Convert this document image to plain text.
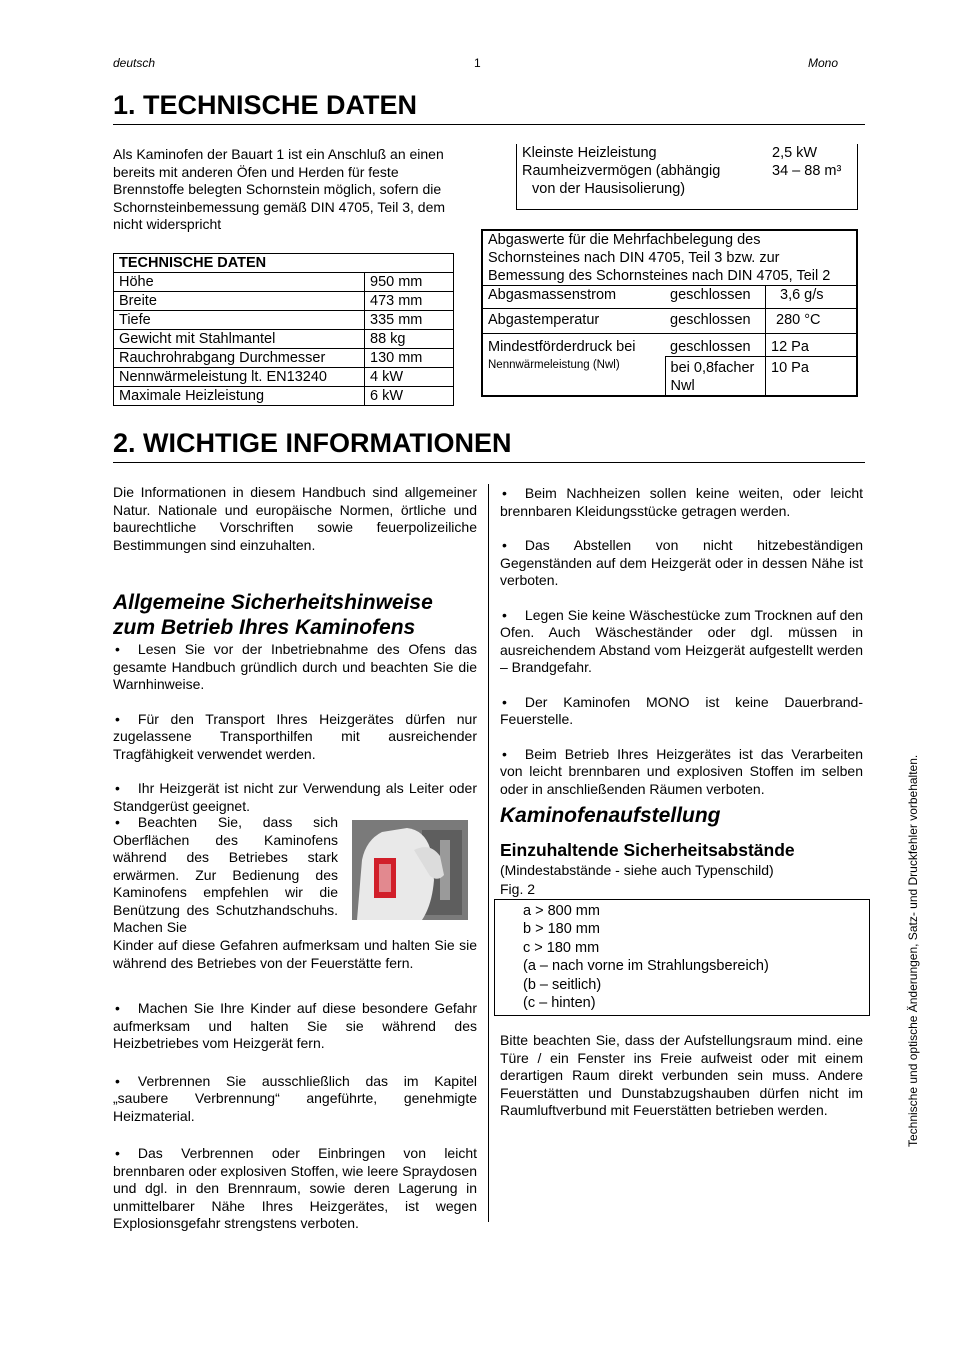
deutsch	1	Mono
1. TECHNISCHE DATEN
Als Kaminofen der Bauart 1 ist ein Anschluß an einen bereits mit anderen Öfen und Herden für feste Brennstoffe belegten Schornstein möglich, sofern die Schornsteinbemessung gemäß DIN 4705, Teil 3, dem nicht widerspricht
TECHNISCHE DATEN	
Höhe	950 mm
Breite	473 mm
Tiefe	335 mm
Gewicht mit Stahlmantel	88 kg
Rauchrohrabgang Durchmesser	130 mm
Nennwärmeleistung lt. EN13240	4 kW
Maximale Heizleistung	6 kW
Kleinste Heizleistung	2,5 kW
Raumheizvermögen (abhängig
von der Hausisolierung)	34 – 88 m³
Abgaswerte für die Mehrfachbelegung des Schornsteines nach DIN 4705, Teil 3 bzw. zur Bemessung des Schornsteines nach DIN 4705, Teil 2		
Abgasmassenstrom	geschlossen	3,6 g/s
Abgastemperatur	geschlossen	280 °C

Mindestförderdruck bei
Nennwärmeleistung (Nwl)	geschlossen	12 Pa
	bei 0,8facher Nwl	10 Pa
2. WICHTIGE INFORMATIONEN
Die Informationen in diesem Handbuch sind allgemeiner Natur. Nationale und europäische Normen, örtliche und baurechtliche Vorschriften sowie feuerpolizeiliche Bestimmungen sind einzuhalten.
Allgemeine Sicherheitshinweise zum Betrieb Ihres Kaminofens
• Lesen Sie vor der Inbetriebnahme des Ofens das gesamte Handbuch gründlich durch und beachten Sie die Warnhinweise.
• Für den Transport Ihres Heizgerätes dürfen nur zugelassene Transporthilfen mit ausreichender Tragfähigkeit verwendet werden.
• Ihr Heizgerät ist nicht zur Verwendung als Leiter oder Standgerüst geeignet.
• Beachten Sie, dass sich Oberflächen des Kaminofens während des Betriebes stark erwärmen. Zur Bedienung des Kaminofens empfehlen wir die Benützung des Schutzhandschuhs. Machen Sie
Kinder auf diese Gefahren aufmerksam und halten Sie sie während des Betriebes von der Feuerstätte fern.
• Machen Sie Ihre Kinder auf diese besondere Gefahr aufmerksam und halten Sie sie während des Heizbetriebes vom Heizgerät fern.
• Verbrennen Sie ausschließlich das im Kapitel „saubere Verbrennung“ angeführte, genehmigte Heizmaterial.
• Das Verbrennen oder Einbringen von leicht brennbaren oder explosiven Stoffen, wie leere Spraydosen und dgl. in den Brennraum, sowie deren Lagerung in unmittelbarer Nähe Ihres Heizgerätes, ist wegen Explosionsgefahr strengstens verboten.
• Beim Nachheizen sollen keine weiten, oder leicht brennbaren Kleidungsstücke getragen werden.
• Das Abstellen von nicht hitzebeständigen Gegenständen auf dem Heizgerät oder in dessen Nähe ist verboten.
• Legen Sie keine Wäschestücke zum Trocknen auf den Ofen. Auch Wäscheständer oder dgl. müssen in ausreichendem Abstand vom Heizgerät aufgestellt werden – Brandgefahr.
• Der Kaminofen MONO ist keine Dauerbrand-Feuerstelle.
• Beim Betrieb Ihres Heizgerätes ist das Verarbeiten von leicht brennbaren und explosiven Stoffen im selben oder in anschließenden Räumen verboten.
Kaminofenaufstellung
Einzuhaltende Sicherheitsabstände
(Mindestabstände - siehe auch Typenschild)
Fig. 2
a > 800 mm
b > 180 mm
c > 180 mm
(a – nach vorne im Strahlungsbereich)
(b – seitlich)
(c – hinten)
Bitte beachten Sie, dass der Aufstellungsraum mind. eine Türe / ein Fenster ins Freie aufweist oder mit einem derartigen Raum direkt verbunden sein muss. Andere Feuerstätten und Dunstabzugshauben dürfen nicht im Raumluftverbund mit Feuerstätten betrieben werden.	Technische und optische Änderungen, Satz- und Druckfehler vorbehalten.
